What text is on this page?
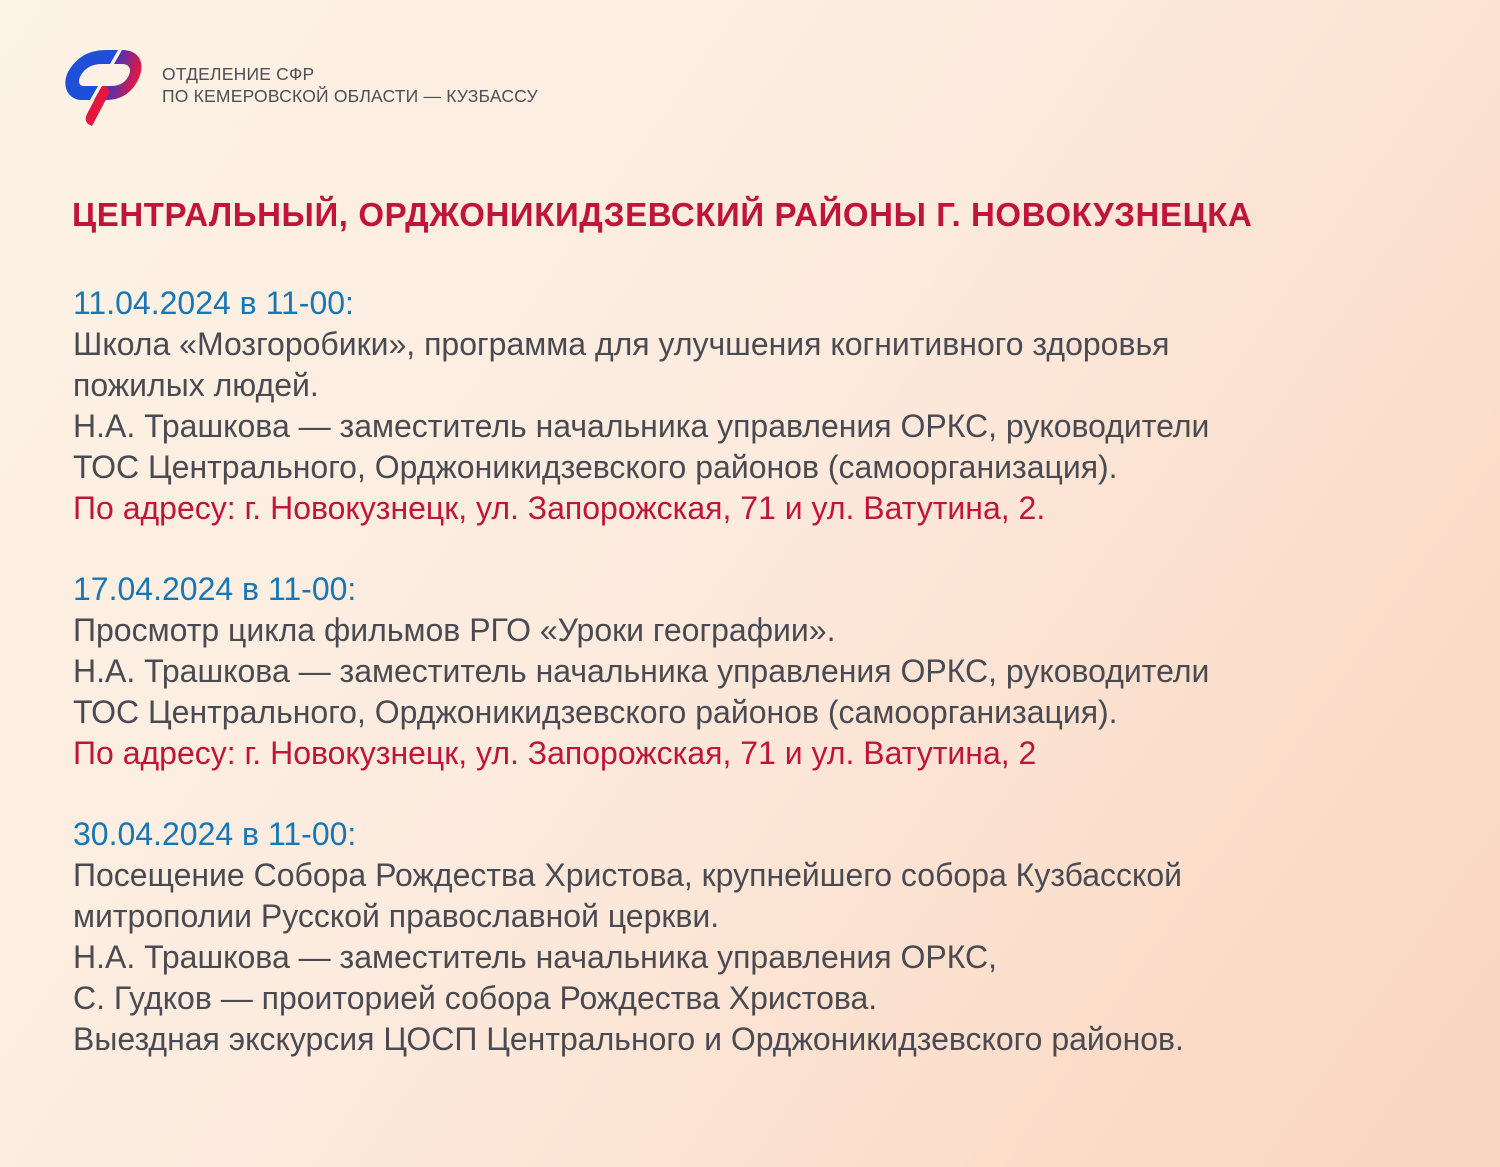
ОТДЕЛЕНИЕ СФР
ПО КЕМЕРОВСКОЙ ОБЛАСТИ — КУЗБАССУ
ЦЕНТРАЛЬНЫЙ, ОРДЖОНИКИДЗЕВСКИЙ РАЙОНЫ Г. НОВОКУЗНЕЦКА
11.04.2024 в 11-00:
Школа «Мозгоробики», программа для улучшения когнитивного здоровья
пожилых людей.
Н.А. Трашкова — заместитель начальника управления ОРКС, руководители
ТОС Центрального, Орджоникидзевского районов (самоорганизация).
По адресу: г. Новокузнецк, ул. Запорожская, 71 и ул. Ватутина, 2.
17.04.2024 в 11-00:
Просмотр цикла фильмов РГО «Уроки географии».
Н.А. Трашкова — заместитель начальника управления ОРКС, руководители
ТОС Центрального, Орджоникидзевского районов (самоорганизация).
По адресу: г. Новокузнецк, ул. Запорожская, 71 и ул. Ватутина, 2
30.04.2024 в 11-00:
Посещение Собора Рождества Христова, крупнейшего собора Кузбасской
митрополии Русской православной церкви.
Н.А. Трашкова — заместитель начальника управления ОРКС,
С. Гудков — проиторией собора Рождества Христова.
Выездная экскурсия ЦОСП Центрального и Орджоникидзевского районов.
